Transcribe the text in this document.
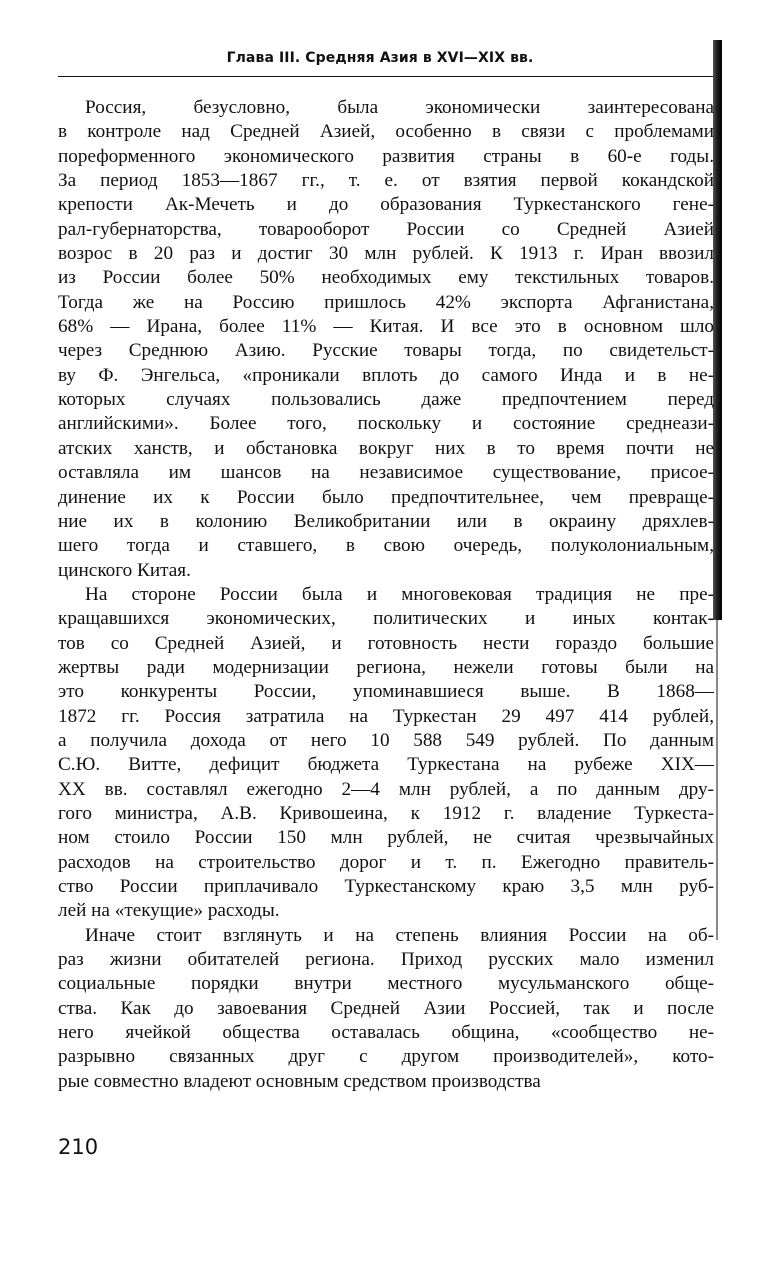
Глава III. Средняя Азия в XVI—XIX вв.
Россия, безусловно, была экономически заинтересована
в контроле над Средней Азией, особенно в связи с проблемами
пореформенного экономического развития страны в 60-е годы.
За период 1853—1867 гг., т. е. от взятия первой кокандской
крепости Ак-Мечеть и до образования Туркестанского гене-
рал-губернаторства, товарооборот России со Средней Азией
возрос в 20 раз и достиг 30 млн рублей. К 1913 г. Иран ввозил
из России более 50% необходимых ему текстильных товаров.
Тогда же на Россию пришлось 42% экспорта Афганистана,
68% — Ирана, более 11% — Китая. И все это в основном шло
через Среднюю Азию. Русские товары тогда, по свидетельст-
ву Ф. Энгельса, «проникали вплоть до самого Инда и в не-
которых случаях пользовались даже предпочтением перед
английскими». Более того, поскольку и состояние среднеази-
атских ханств, и обстановка вокруг них в то время почти не
оставляла им шансов на независимое существование, присое-
динение их к России было предпочтительнее, чем превраще-
ние их в колонию Великобритании или в окраину дряхлев-
шего тогда и ставшего, в свою очередь, полуколониальным,
цинского Китая.
На стороне России была и многовековая традиция не пре-
кращавшихся экономических, политических и иных контак-
тов со Средней Азией, и готовность нести гораздо большие
жертвы ради модернизации региона, нежели готовы были на
это конкуренты России, упоминавшиеся выше. В 1868—
1872 гг. Россия затратила на Туркестан 29 497 414 рублей,
а получила дохода от него 10 588 549 рублей. По данным
С.Ю. Витте, дефицит бюджета Туркестана на рубеже XIX—
XX вв. составлял ежегодно 2—4 млн рублей, а по данным дру-
гого министра, А.В. Кривошеина, к 1912 г. владение Туркеста-
ном стоило России 150 млн рублей, не считая чрезвычайных
расходов на строительство дорог и т. п. Ежегодно правитель-
ство России приплачивало Туркестанскому краю 3,5 млн руб-
лей на «текущие» расходы.
Иначе стоит взглянуть и на степень влияния России на об-
раз жизни обитателей региона. Приход русских мало изменил
социальные порядки внутри местного мусульманского обще-
ства. Как до завоевания Средней Азии Россией, так и после
него ячейкой общества оставалась община, «сообщество не-
разрывно связанных друг с другом производителей», кото-
рые совместно владеют основным средством производства
210
